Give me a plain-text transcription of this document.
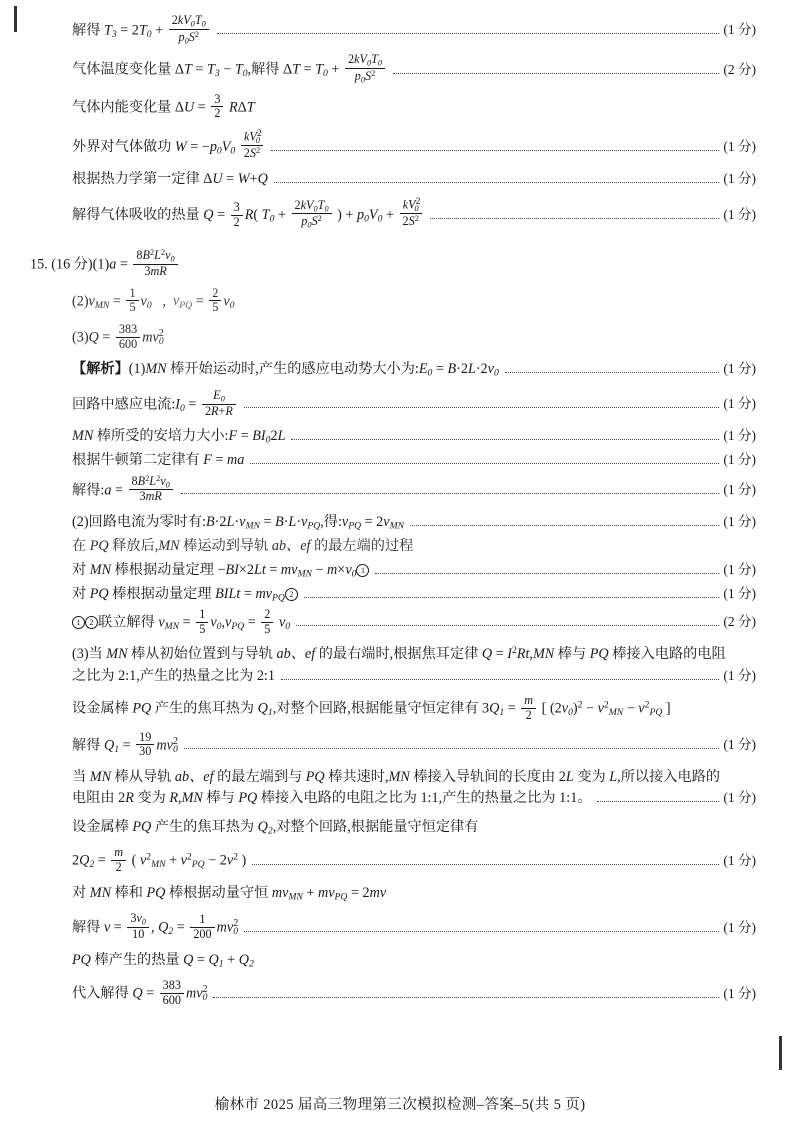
解得 $T_3 = 2T_0 + \frac{2kV_0T_0}{p_0S^2}$	(1 分)
气体温度变化量 $\Delta T = T_3 - T_0$,解得 $\Delta T = T_0 + \frac{2kV_0T_0}{p_0S^2}$	(2 分)
气体内能变化量 $\Delta U = \frac{3}{2}$ RΔT
外界对气体做功 $W = -p_0V_0 \frac{kV^2_0}{2S^2}$	(1 分)
根据热力学第一定律 ΔU = W+Q	(1 分)
解得气体吸收的热量 $Q = \frac{3}{2} R$( $T_0 + \frac{2kV_0T_0}{p_0S^2}$ ) + $p_0V_0 + \frac{kV^2_0}{2S^2}$	(1 分)
15. (16 分)$(1)a = \frac{8B^2L^2v_0}{3mR}$
$(2)v_{MN} = \frac{1}{5} v_0$   ,  $v_{PQ} = \frac{2}{5} v_0$
$(3)Q = \frac{383}{600} mv^2_0$
【解析】(1)MN 棒开始运动时,产生的感应电动势大小为$:E_0 = B\cdot 2L\cdot 2v_0$	(1 分)
回路中感应电流$:I_0 = \frac{E_0}{2R+R}$	(1 分)
MN 棒所受的安培力大小:F = $BI_02L$	(1 分)
根据牛顿第二定律有 F = ma	(1 分)
解得:a = $\frac{8B^2L^2v_0}{3mR}$	(1 分)
(2)回路电流为零时有$:B\cdot 2L\cdot v_{MN} = B\cdot L\cdot v_{PQ}$,得$:v_{PQ} = 2v_{MN}$	(1 分)
在 PQ 释放后,MN 棒运动到导轨 ab、ef 的最左端的过程
对 MN 棒根据动量定理 $-BI\times 2Lt = mv_{MN} - m\times v_0$ 1	(1 分)
对 PQ 棒根据动量定理 BILt = $mv_{PQ}$ 2	(1 分)
1 2 联立解得 $v_{MN} = \frac{1}{5} v_0,v_{PQ} = \frac{2}{5} v_0$	(2 分)
(3)当 MN 棒从初始位置到与导轨 ab、ef 的最右端时,根据焦耳定律 $Q = I^2Rt,MN$ 棒与 PQ 棒接入电路的电阻
之比为 2:1,产生的热量之比为 2:1	(1 分)
设金属棒 PQ 产生的焦耳热为 $Q_1$,对整个回路,根据能量守恒定律有 $3Q_1 = \frac{m}{2}$ [ $(2v_0)^2 - v^2_{MN} - v^2_{PQ}$ ]
解得 $Q_1 = \frac{19}{30} mv^2_0$	(1 分)
当 MN 棒从导轨 ab、ef 的最左端到与 PQ 棒共速时,MN 棒接入导轨间的长度由 2L 变为 L,所以接入电路的
电阻由 2R 变为 R,MN 棒与 PQ 棒接入电路的电阻之比为 1:1,产生的热量之比为 1:1。	(1 分)
设金属棒 PQ 产生的焦耳热为 $Q_2$,对整个回路,根据能量守恒定律有
$2Q_2 = \frac{m}{2}$ ( $v^2_{MN} + v^2_{PQ} - 2v^2$ )	(1 分)
对 MN 棒和 PQ 棒根据动量守恒 $mv_{MN} + mv_{PQ} = 2mv$
解得 $v = \frac{3v_0}{10}$ , $Q_2 = \frac{1}{200} mv^2_0$	(1 分)
PQ 棒产生的热量 $Q = Q_1 + Q_2$
代入解得 $Q = \frac{383}{600} mv^2_0$	(1 分)
榆林市 2025 届高三物理第三次模拟检测–答案–5(共 5 页)
